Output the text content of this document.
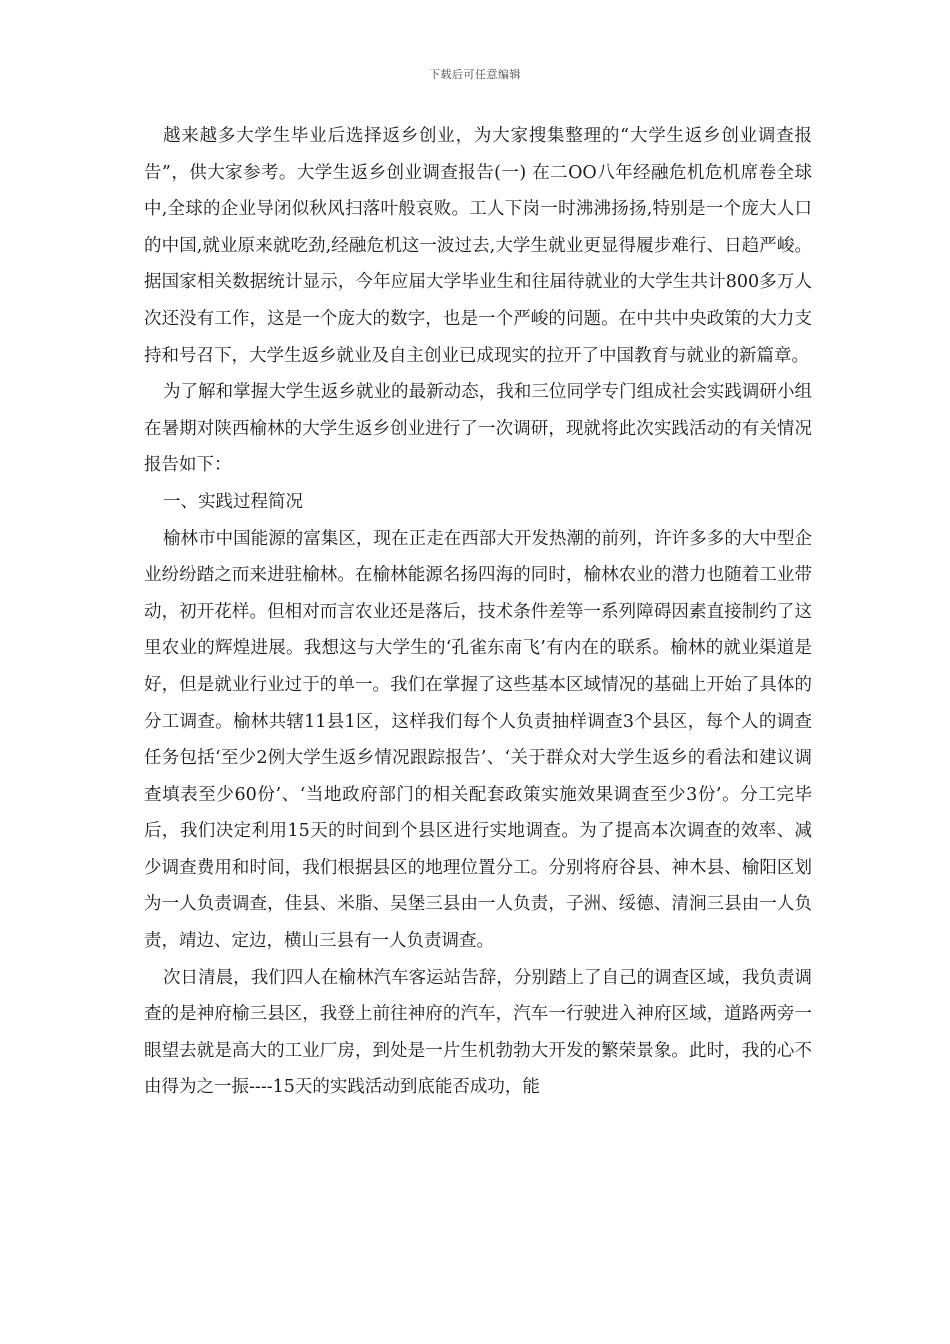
下载后可任意编辑

越来越多大学生毕业后选择返乡创业，为大家搜集整理的“大学生返乡创业调查报告”，供大家参考。大学生返乡创业调查报告(一) 在二OO八年经融危机危机席卷全球中,全球的企业导闭似秋风扫落叶般哀败。工人下岗一时沸沸扬扬,特别是一个庞大人口的中国,就业原来就吃劲,经融危机这一波过去,大学生就业更显得履步难行、日趋严峻。据国家相关数据统计显示，今年应届大学毕业生和往届待就业的大学生共计800多万人次还没有工作，这是一个庞大的数字，也是一个严峻的问题。在中共中央政策的大力支持和号召下，大学生返乡就业及自主创业已成现实的拉开了中国教育与就业的新篇章。

为了解和掌握大学生返乡就业的最新动态，我和三位同学专门组成社会实践调研小组在暑期对陕西榆林的大学生返乡创业进行了一次调研，现就将此次实践活动的有关情况报告如下：

一、实践过程简况

榆林市中国能源的富集区，现在正走在西部大开发热潮的前列，许许多多的大中型企业纷纷踏之而来进驻榆林。在榆林能源名扬四海的同时，榆林农业的潜力也随着工业带动，初开花样。但相对而言农业还是落后，技术条件差等一系列障碍因素直接制约了这里农业的辉煌进展。我想这与大学生的‘孔雀东南飞’有内在的联系。榆林的就业渠道是好，但是就业行业过于的单一。我们在掌握了这些基本区域情况的基础上开始了具体的分工调查。榆林共辖11县1区，这样我们每个人负责抽样调查3个县区，每个人的调查任务包括‘至少2例大学生返乡情况跟踪报告’、‘关于群众对大学生返乡的看法和建议调查填表至少60份’、‘当地政府部门的相关配套政策实施效果调查至少3份’。分工完毕后，我们决定利用15天的时间到个县区进行实地调查。为了提高本次调查的效率、减少调查费用和时间，我们根据县区的地理位置分工。分别将府谷县、神木县、榆阳区划为一人负责调查，佳县、米脂、吴堡三县由一人负责，子洲、绥德、清涧三县由一人负责，靖边、定边，横山三县有一人负责调查。

次日清晨，我们四人在榆林汽车客运站告辞，分别踏上了自己的调查区域，我负责调查的是神府榆三县区，我登上前往神府的汽车，汽车一行驶进入神府区域，道路两旁一眼望去就是高大的工业厂房，到处是一片生机勃勃大开发的繁荣景象。此时，我的心不由得为之一振----15天的实践活动到底能否成功，能
